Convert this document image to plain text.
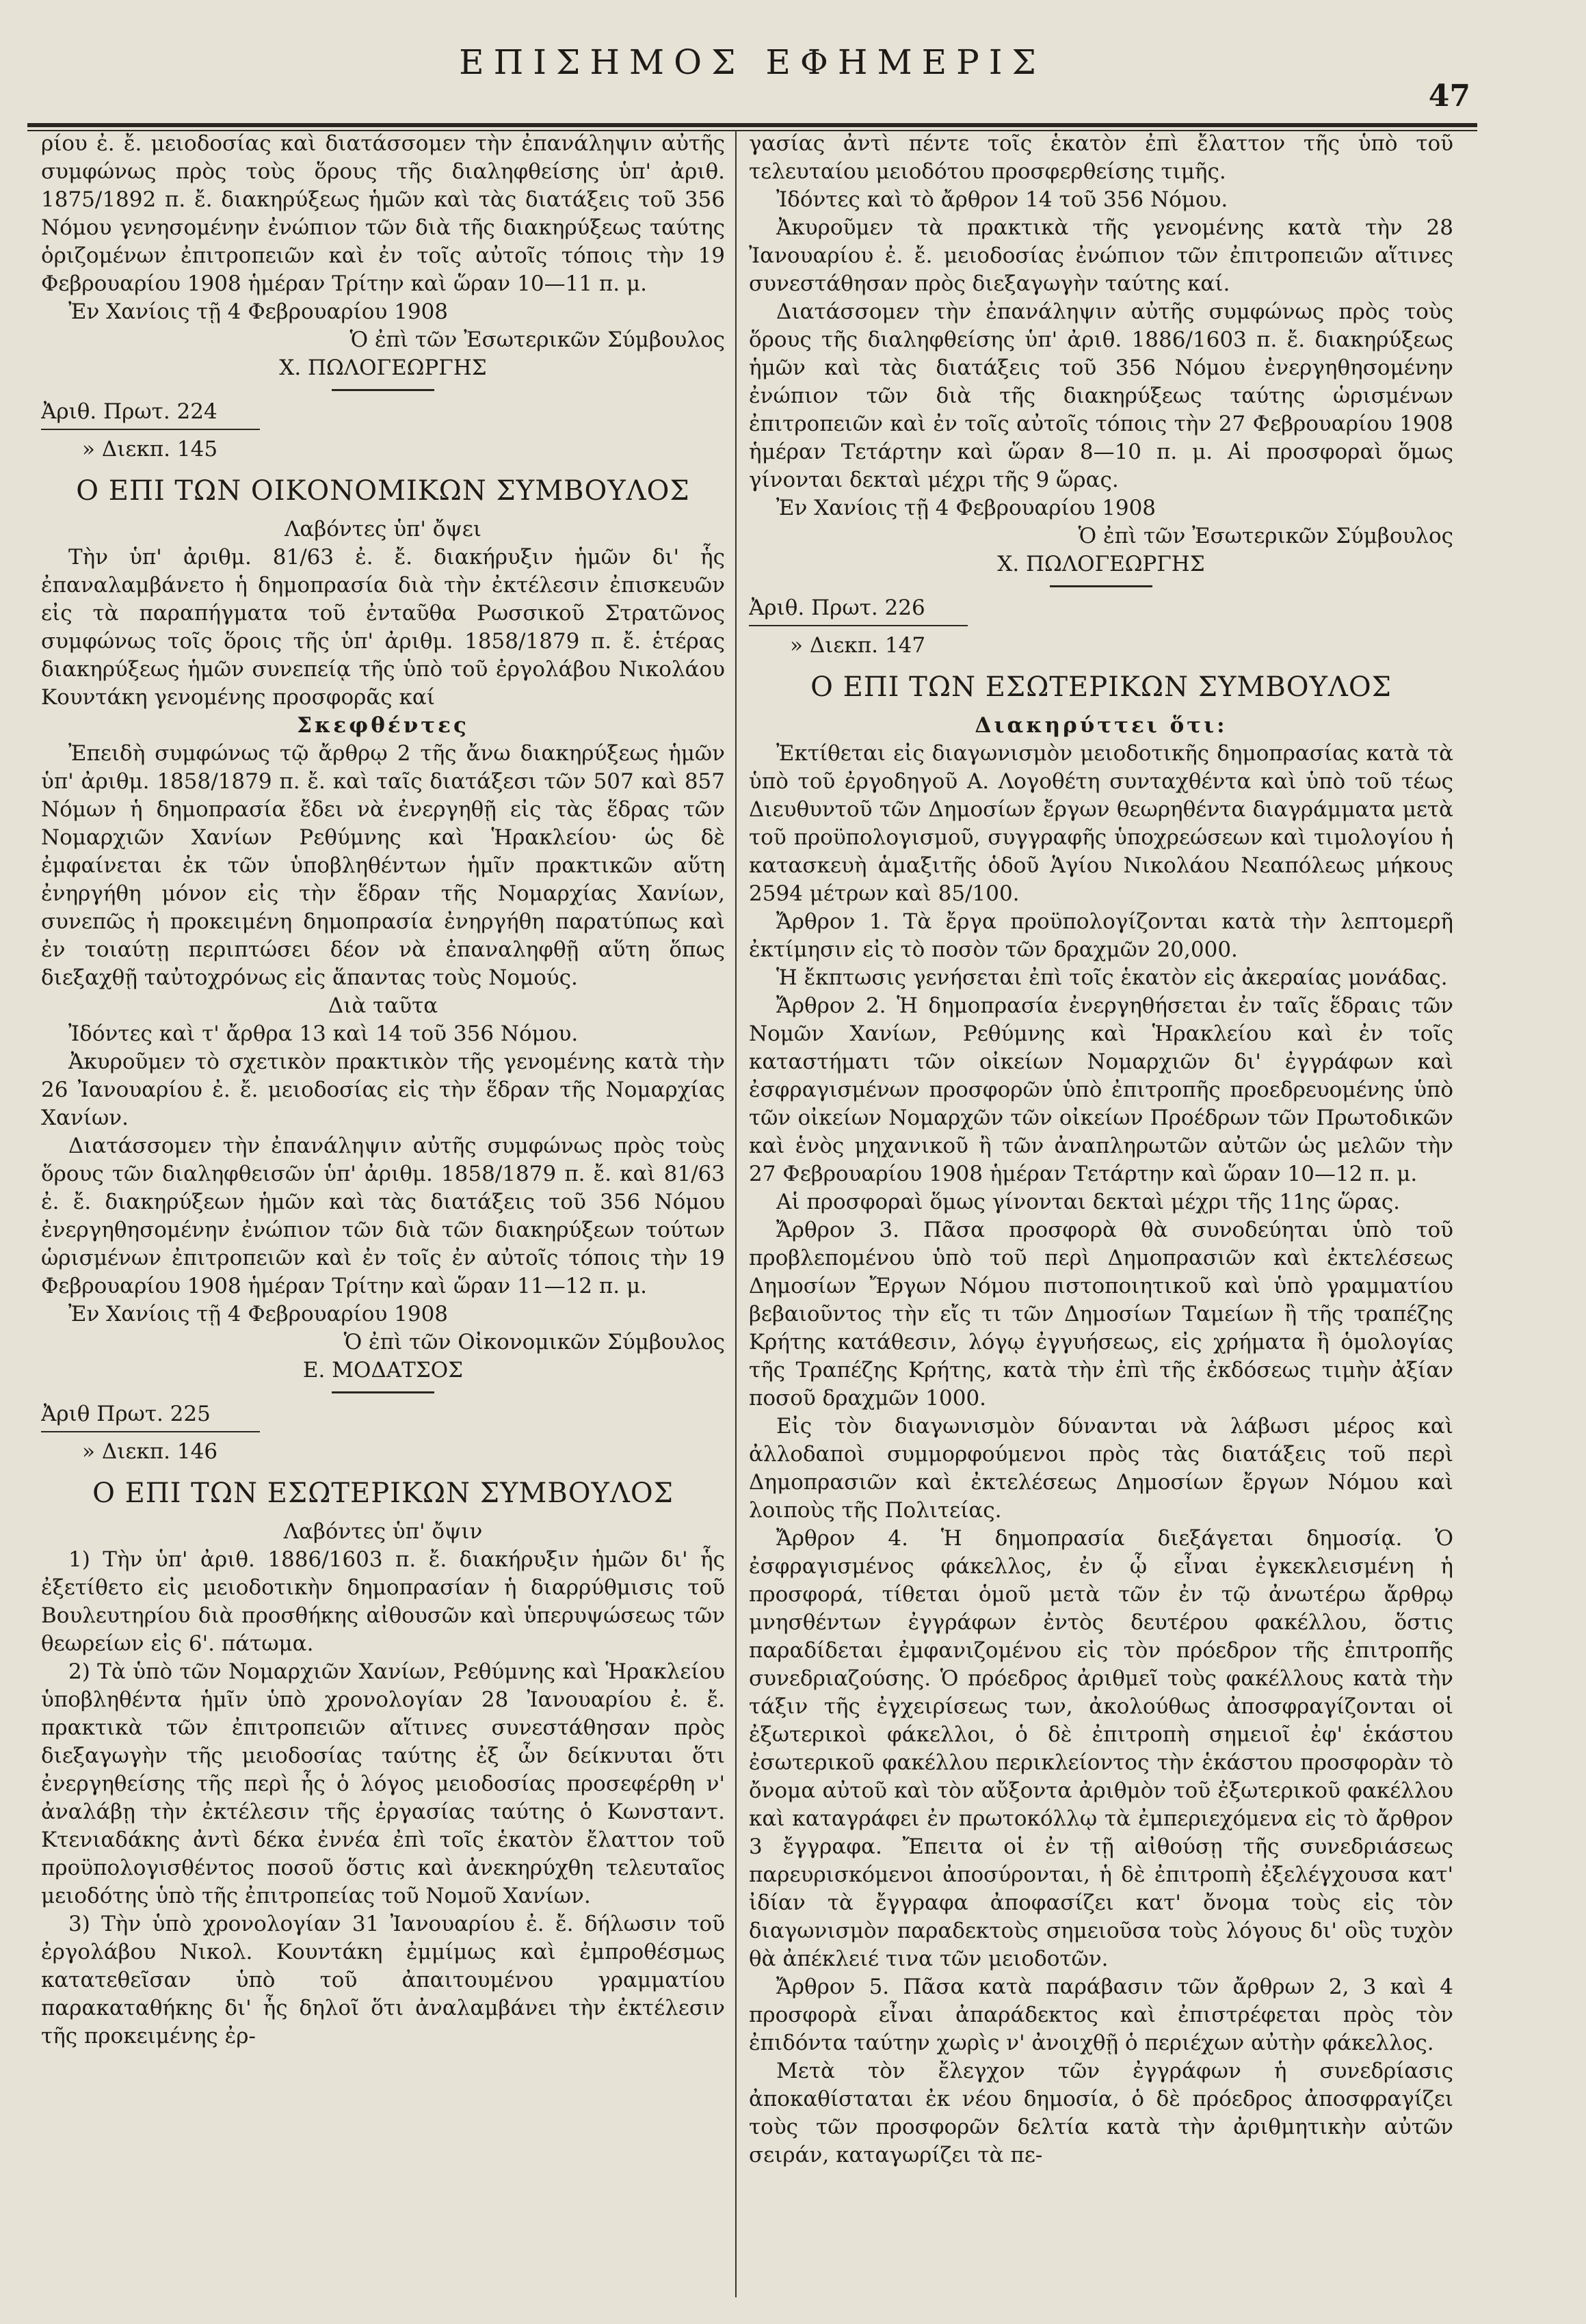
ΕΠΙΣΗΜΟΣ ΕΦΗΜΕΡΙΣ
47

ρίου ἐ. ἔ. μειοδοσίας καὶ διατάσσομεν τὴν ἐπανάληψιν αὐτῆς συμφώνως πρὸς τοὺς ὅρους τῆς διαληφθείσης ὑπ' ἀριθ. 1875/1892 π. ἔ. διακηρύξεως ἡμῶν καὶ τὰς διατάξεις τοῦ 356 Νόμου γενησομένην ἐνώπιον τῶν διὰ τῆς διακηρύξεως ταύτης ὁριζομένων ἐπιτροπειῶν καὶ ἐν τοῖς αὐτοῖς τόποις τὴν 19 Φεβρουαρίου 1908 ἡμέραν Τρίτην καὶ ὥραν 10—11 π. μ.

Ἐν Χανίοις τῇ 4 Φεβρουαρίου 1908

Ὁ ἐπὶ τῶν Ἐσωτερικῶν Σύμβουλος

Χ. ΠΩΛΟΓΕΩΡΓΗΣ

Ἀριθ. Πρωτ. 224

» Διεκπ. 145

Ο ΕΠΙ ΤΩΝ ΟΙΚΟΝΟΜΙΚΩΝ ΣΥΜΒΟΥΛΟΣ

Λαβόντες ὑπ' ὄψει

Τὴν ὑπ' ἀριθμ. 81/63 ἐ. ἔ. διακήρυξιν ἡμῶν δι' ἧς ἐπαναλαμβάνετο ἡ δημοπρασία διὰ τὴν ἐκτέλεσιν ἐπισκευῶν εἰς τὰ παραπήγματα τοῦ ἐνταῦθα Ρωσσικοῦ Στρατῶνος συμφώνως τοῖς ὅροις τῆς ὑπ' ἀριθμ. 1858/1879 π. ἔ. ἑτέρας διακηρύξεως ἡμῶν συνεπείᾳ τῆς ὑπὸ τοῦ ἐργολάβου Νικολάου Κουντάκη γενομένης προσφορᾶς καί

Σκεφθέντες

Ἐπειδὴ συμφώνως τῷ ἄρθρῳ 2 τῆς ἄνω διακηρύξεως ἡμῶν ὑπ' ἀριθμ. 1858/1879 π. ἔ. καὶ ταῖς διατάξεσι τῶν 507 καὶ 857 Νόμων ἡ δημοπρασία ἔδει νὰ ἐνεργηθῇ εἰς τὰς ἕδρας τῶν Νομαρχιῶν Χανίων Ρεθύμνης καὶ Ἡρακλείου· ὡς δὲ ἐμφαίνεται ἐκ τῶν ὑποβληθέντων ἡμῖν πρακτικῶν αὕτη ἐνηργήθη μόνον εἰς τὴν ἕδραν τῆς Νομαρχίας Χανίων, συνεπῶς ἡ προκειμένη δημοπρασία ἐνηργήθη παρατύπως καὶ ἐν τοιαύτῃ περιπτώσει δέον νὰ ἐπαναληφθῇ αὕτη ὅπως διεξαχθῇ ταὐτοχρόνως εἰς ἅπαντας τοὺς Νομούς.

Διὰ ταῦτα

Ἰδόντες καὶ τ' ἄρθρα 13 καὶ 14 τοῦ 356 Νόμου.

Ἀκυροῦμεν τὸ σχετικὸν πρακτικὸν τῆς γενομένης κατὰ τὴν 26 Ἰανουαρίου ἐ. ἔ. μειοδοσίας εἰς τὴν ἕδραν τῆς Νομαρχίας Χανίων.

Διατάσσομεν τὴν ἐπανάληψιν αὐτῆς συμφώνως πρὸς τοὺς ὅρους τῶν διαληφθεισῶν ὑπ' ἀριθμ. 1858/1879 π. ἔ. καὶ 81/63 ἐ. ἔ. διακηρύξεων ἡμῶν καὶ τὰς διατάξεις τοῦ 356 Νόμου ἐνεργηθησομένην ἐνώπιον τῶν διὰ τῶν διακηρύξεων τούτων ὡρισμένων ἐπιτροπειῶν καὶ ἐν τοῖς ἐν αὐτοῖς τόποις τὴν 19 Φεβρουαρίου 1908 ἡμέραν Τρίτην καὶ ὥραν 11—12 π. μ.

Ἐν Χανίοις τῇ 4 Φεβρουαρίου 1908

Ὁ ἐπὶ τῶν Οἰκονομικῶν Σύμβουλος

Ε. ΜΟΔΑΤΣΟΣ

Ἀριθ Πρωτ. 225

» Διεκπ. 146

Ο ΕΠΙ ΤΩΝ ΕΣΩΤΕΡΙΚΩΝ ΣΥΜΒΟΥΛΟΣ

Λαβόντες ὑπ' ὄψιν

1) Τὴν ὑπ' ἀριθ. 1886/1603 π. ἔ. διακήρυξιν ἡμῶν δι' ἧς ἐξετίθετο εἰς μειοδοτικὴν δημοπρασίαν ἡ διαρρύθμισις τοῦ Βουλευτηρίου διὰ προσθήκης αἰθουσῶν καὶ ὑπερυψώσεως τῶν θεωρείων εἰς 6'. πάτωμα.

2) Τὰ ὑπὸ τῶν Νομαρχιῶν Χανίων, Ρεθύμνης καὶ Ἡρακλείου ὑποβληθέντα ἡμῖν ὑπὸ χρονολογίαν 28 Ἰανουαρίου ἐ. ἔ. πρακτικὰ τῶν ἐπιτροπειῶν αἵτινες συνεστάθησαν πρὸς διεξαγωγὴν τῆς μειοδοσίας ταύτης ἐξ ὧν δείκνυται ὅτι ἐνεργηθείσης τῆς περὶ ἧς ὁ λόγος μειοδοσίας προσεφέρθη ν' ἀναλάβῃ τὴν ἐκτέλεσιν τῆς ἐργασίας ταύτης ὁ Κωνσταντ. Κτενιαδάκης ἀντὶ δέκα ἐννέα ἐπὶ τοῖς ἑκατὸν ἔλαττον τοῦ προϋπολογισθέντος ποσοῦ ὅστις καὶ ἀνεκηρύχθη τελευταῖος μειοδότης ὑπὸ τῆς ἐπιτροπείας τοῦ Νομοῦ Χανίων.

3) Τὴν ὑπὸ χρονολογίαν 31 Ἰανουαρίου ἐ. ἔ. δήλωσιν τοῦ ἐργολάβου Νικολ. Κουντάκη ἐμμίμως καὶ ἐμπροθέσμως κατατεθεῖσαν ὑπὸ τοῦ ἀπαιτουμένου γραμματίου παρακαταθήκης δι' ἧς δηλοῖ ὅτι ἀναλαμβάνει τὴν ἐκτέλεσιν τῆς προκειμένης ἐρ-

γασίας ἀντὶ πέντε τοῖς ἑκατὸν ἐπὶ ἔλαττον τῆς ὑπὸ τοῦ τελευταίου μειοδότου προσφερθείσης τιμῆς.

Ἰδόντες καὶ τὸ ἄρθρον 14 τοῦ 356 Νόμου.

Ἀκυροῦμεν τὰ πρακτικὰ τῆς γενομένης κατὰ τὴν 28 Ἰανουαρίου ἐ. ἔ. μειοδοσίας ἐνώπιον τῶν ἐπιτροπειῶν αἵτινες συνεστάθησαν πρὸς διεξαγωγὴν ταύτης καί.

Διατάσσομεν τὴν ἐπανάληψιν αὐτῆς συμφώνως πρὸς τοὺς ὅρους τῆς διαληφθείσης ὑπ' ἀριθ. 1886/1603 π. ἔ. διακηρύξεως ἡμῶν καὶ τὰς διατάξεις τοῦ 356 Νόμου ἐνεργηθησομένην ἐνώπιον τῶν διὰ τῆς διακηρύξεως ταύτης ὡρισμένων ἐπιτροπειῶν καὶ ἐν τοῖς αὐτοῖς τόποις τὴν 27 Φεβρουαρίου 1908 ἡμέραν Τετάρτην καὶ ὥραν 8—10 π. μ. Αἱ προσφοραὶ ὅμως γίνονται δεκταὶ μέχρι τῆς 9 ὥρας.

Ἐν Χανίοις τῇ 4 Φεβρουαρίου 1908

Ὁ ἐπὶ τῶν Ἐσωτερικῶν Σύμβουλος

Χ. ΠΩΛΟΓΕΩΡΓΗΣ

Ἀριθ. Πρωτ. 226

» Διεκπ. 147

Ο ΕΠΙ ΤΩΝ ΕΣΩΤΕΡΙΚΩΝ ΣΥΜΒΟΥΛΟΣ

Διακηρύττει ὅτι:

Ἐκτίθεται εἰς διαγωνισμὸν μειοδοτικῆς δημοπρασίας κατὰ τὰ ὑπὸ τοῦ ἐργοδηγοῦ Α. Λογοθέτη συνταχθέντα καὶ ὑπὸ τοῦ τέως Διευθυντοῦ τῶν Δημοσίων ἔργων θεωρηθέντα διαγράμματα μετὰ τοῦ προϋπολογισμοῦ, συγγραφῆς ὑποχρεώσεων καὶ τιμολογίου ἡ κατασκευὴ ἁμαξιτῆς ὁδοῦ Ἁγίου Νικολάου Νεαπόλεως μήκους 2594 μέτρων καὶ 85/100.

Ἄρθρον 1. Τὰ ἔργα προϋπολογίζονται κατὰ τὴν λεπτομερῆ ἐκτίμησιν εἰς τὸ ποσὸν τῶν δραχμῶν 20,000.

Ἡ ἔκπτωσις γενήσεται ἐπὶ τοῖς ἑκατὸν εἰς ἀκεραίας μονάδας.

Ἄρθρον 2. Ἡ δημοπρασία ἐνεργηθήσεται ἐν ταῖς ἕδραις τῶν Νομῶν Χανίων, Ρεθύμνης καὶ Ἡρακλείου καὶ ἐν τοῖς καταστήματι τῶν οἰκείων Νομαρχιῶν δι' ἐγγράφων καὶ ἐσφραγισμένων προσφορῶν ὑπὸ ἐπιτροπῆς προεδρευομένης ὑπὸ τῶν οἰκείων Νομαρχῶν τῶν οἰκείων Προέδρων τῶν Πρωτοδικῶν καὶ ἑνὸς μηχανικοῦ ἢ τῶν ἀναπληρωτῶν αὐτῶν ὡς μελῶν τὴν 27 Φεβρουαρίου 1908 ἡμέραν Τετάρτην καὶ ὥραν 10—12 π. μ.

Αἱ προσφοραὶ ὅμως γίνονται δεκταὶ μέχρι τῆς 11ης ὥρας.

Ἄρθρον 3. Πᾶσα προσφορὰ θὰ συνοδεύηται ὑπὸ τοῦ προβλεπομένου ὑπὸ τοῦ περὶ Δημοπρασιῶν καὶ ἐκτελέσεως Δημοσίων Ἔργων Νόμου πιστοποιητικοῦ καὶ ὑπὸ γραμματίου βεβαιοῦντος τὴν εἴς τι τῶν Δημοσίων Ταμείων ἢ τῆς τραπέζης Κρήτης κατάθεσιν, λόγῳ ἐγγυήσεως, εἰς χρήματα ἢ ὁμολογίας τῆς Τραπέζης Κρήτης, κατὰ τὴν ἐπὶ τῆς ἐκδόσεως τιμὴν ἀξίαν ποσοῦ δραχμῶν 1000.

Εἰς τὸν διαγωνισμὸν δύνανται νὰ λάβωσι μέρος καὶ ἀλλοδαποὶ συμμορφούμενοι πρὸς τὰς διατάξεις τοῦ περὶ Δημοπρασιῶν καὶ ἐκτελέσεως Δημοσίων ἔργων Νόμου καὶ λοιποὺς τῆς Πολιτείας.

Ἄρθρον 4. Ἡ δημοπρασία διεξάγεται δημοσίᾳ. Ὁ ἐσφραγισμένος φάκελλος, ἐν ᾧ εἶναι ἐγκεκλεισμένη ἡ προσφορά, τίθεται ὁμοῦ μετὰ τῶν ἐν τῷ ἀνωτέρω ἄρθρῳ μνησθέντων ἐγγράφων ἐντὸς δευτέρου φακέλλου, ὅστις παραδίδεται ἐμφανιζομένου εἰς τὸν πρόεδρον τῆς ἐπιτροπῆς συνεδριαζούσης. Ὁ πρόεδρος ἀριθμεῖ τοὺς φακέλλους κατὰ τὴν τάξιν τῆς ἐγχειρίσεως των, ἀκολούθως ἀποσφραγίζονται οἱ ἐξωτερικοὶ φάκελλοι, ὁ δὲ ἐπιτροπὴ σημειοῖ ἐφ' ἑκάστου ἐσωτερικοῦ φακέλλου περικλείοντος τὴν ἑκάστου προσφορὰν τὸ ὄνομα αὐτοῦ καὶ τὸν αὔξοντα ἀριθμὸν τοῦ ἐξωτερικοῦ φακέλλου καὶ καταγράφει ἐν πρωτοκόλλῳ τὰ ἐμπεριεχόμενα εἰς τὸ ἄρθρον 3 ἔγγραφα. Ἔπειτα οἱ ἐν τῇ αἰθούσῃ τῆς συνεδριάσεως παρευρισκόμενοι ἀποσύρονται, ἡ δὲ ἐπιτροπὴ ἐξελέγχουσα κατ' ἰδίαν τὰ ἔγγραφα ἀποφασίζει κατ' ὄνομα τοὺς εἰς τὸν διαγωνισμὸν παραδεκτοὺς σημειοῦσα τοὺς λόγους δι' οὓς τυχὸν θὰ ἀπέκλειέ τινα τῶν μειοδοτῶν.

Ἄρθρον 5. Πᾶσα κατὰ παράβασιν τῶν ἄρθρων 2, 3 καὶ 4 προσφορὰ εἶναι ἀπαράδεκτος καὶ ἐπιστρέφεται πρὸς τὸν ἐπιδόντα ταύτην χωρὶς ν' ἀνοιχθῇ ὁ περιέχων αὐτὴν φάκελλος.

Μετὰ τὸν ἔλεγχον τῶν ἐγγράφων ἡ συνεδρίασις ἀποκαθίσταται ἐκ νέου δημοσία, ὁ δὲ πρόεδρος ἀποσφραγίζει τοὺς τῶν προσφορῶν δελτία κατὰ τὴν ἀριθμητικὴν αὐτῶν σειράν, καταγωρίζει τὰ πε-
